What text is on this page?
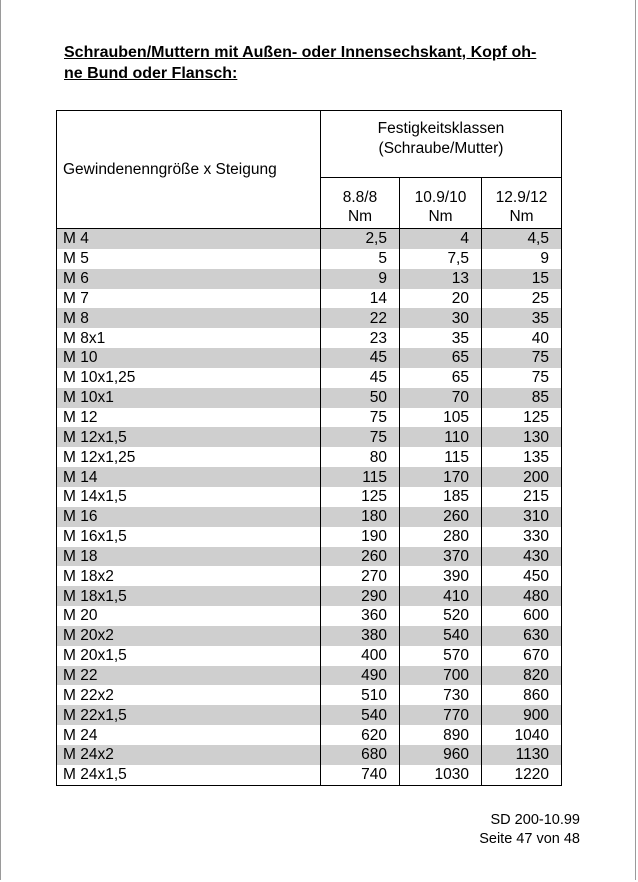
Schrauben/Muttern mit Außen- oder Innensechskant, Kopf oh-
ne Bund oder Flansch:
Gewindenenngröße x Steigung	Festigkeitsklassen
(Schraube/Mutter)		

	8.8/8
Nm	10.9/10
Nm	12.9/12
Nm

M 4	2,5	4	4,5
M 5	5	7,5	9
M 6	9	13	15
M 7	14	20	25
M 8	22	30	35
M 8x1	23	35	40
M 10	45	65	75
M 10x1,25	45	65	75
M 10x1	50	70	85
M 12	75	105	125
M 12x1,5	75	110	130
M 12x1,25	80	115	135
M 14	115	170	200
M 14x1,5	125	185	215
M 16	180	260	310
M 16x1,5	190	280	330
M 18	260	370	430
M 18x2	270	390	450
M 18x1,5	290	410	480
M 20	360	520	600
M 20x2	380	540	630
M 20x1,5	400	570	670
M 22	490	700	820
M 22x2	510	730	860
M 22x1,5	540	770	900
M 24	620	890	1040
M 24x2	680	960	1130
M 24x1,5	740	1030	1220
SD 200-10.99
Seite 47 von 48
